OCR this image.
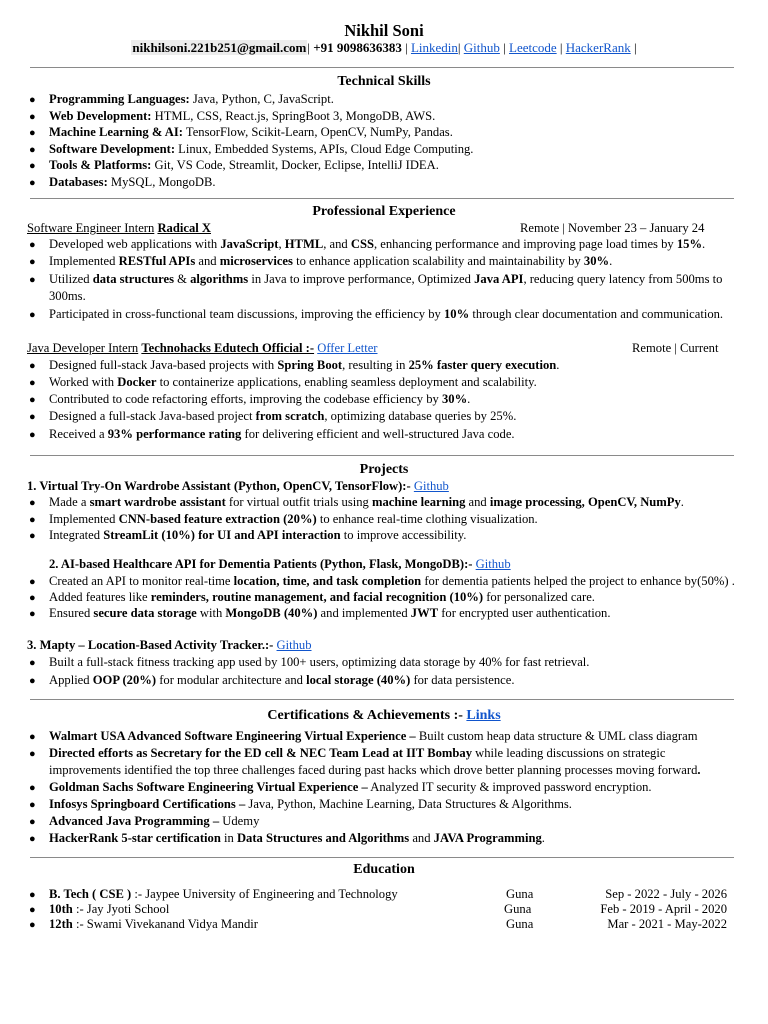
Nikhil Soni
nikhilsoni.221b251@gmail.com| +91 9098636383 | Linkedin| Github | Leetcode | HackerRank |
Technical Skills
● Programming Languages: Java, Python, C, JavaScript.
● Web Development: HTML, CSS, React.js, SpringBoot 3, MongoDB, AWS.
● Machine Learning & AI: TensorFlow, Scikit-Learn, OpenCV, NumPy, Pandas.
● Software Development: Linux, Embedded Systems, APIs, Cloud Edge Computing.
● Tools & Platforms: Git, VS Code, Streamlit, Docker, Eclipse, IntelliJ IDEA.
● Databases: MySQL, MongoDB.
Professional Experience
Software Engineer Intern Radical X	Remote | November 23 – January 24
● Developed web applications with JavaScript, HTML, and CSS, enhancing performance and improving page load times by 15%.
● Implemented RESTful APIs and microservices to enhance application scalability and maintainability by 30%.
● Utilized data structures & algorithms in Java to improve performance, Optimized Java API, reducing query latency from 500ms to
300ms.
● Participated in cross-functional team discussions, improving the efficiency by 10% through clear documentation and communication.
Java Developer Intern Technohacks Edutech Official :- Offer Letter	Remote | Current
● Designed full-stack Java-based projects with Spring Boot, resulting in 25% faster query execution.
● Worked with Docker to containerize applications, enabling seamless deployment and scalability.
● Contributed to code refactoring efforts, improving the codebase efficiency by 30%.
● Designed a full-stack Java-based project from scratch, optimizing database queries by 25%.
● Received a 93% performance rating for delivering efficient and well-structured Java code.
Projects
1. Virtual Try-On Wardrobe Assistant (Python, OpenCV, TensorFlow):- Github
● Made a smart wardrobe assistant for virtual outfit trials using machine learning and image processing, OpenCV, NumPy.
● Implemented CNN-based feature extraction (20%) to enhance real-time clothing visualization.
● Integrated StreamLit (10%) for UI and API interaction to improve accessibility.
2. AI-based Healthcare API for Dementia Patients (Python, Flask, MongoDB):- Github
● Created an API to monitor real-time location, time, and task completion for dementia patients helped the project to enhance by(50%) .
● Added features like reminders, routine management, and facial recognition (10%) for personalized care.
● Ensured secure data storage with MongoDB (40%) and implemented JWT for encrypted user authentication.
3. Mapty – Location-Based Activity Tracker.:- Github
● Built a full-stack fitness tracking app used by 100+ users, optimizing data storage by 40% for fast retrieval.
● Applied OOP (20%) for modular architecture and local storage (40%) for data persistence.
Certifications & Achievements :- Links
● Walmart USA Advanced Software Engineering Virtual Experience – Built custom heap data structure & UML class diagram
● Directed efforts as Secretary for the ED cell & NEC Team Lead at IIT Bombay while leading discussions on strategic
improvements identified the top three challenges faced during past hacks which drove better planning processes moving forward.
● Goldman Sachs Software Engineering Virtual Experience – Analyzed IT security & improved password encryption.
● Infosys Springboard Certifications – Java, Python, Machine Learning, Data Structures & Algorithms.
● Advanced Java Programming – Udemy
● HackerRank 5-star certification in Data Structures and Algorithms and JAVA Programming.
Education
● B. Tech ( CSE ) :- Jaypee University of Engineering and Technology	Guna	Sep - 2022 - July - 2026
● 10th :- Jay Jyoti School	Guna	Feb - 2019 - April - 2020
● 12th :- Swami Vivekanand Vidya Mandir	Guna	Mar - 2021 - May-2022
